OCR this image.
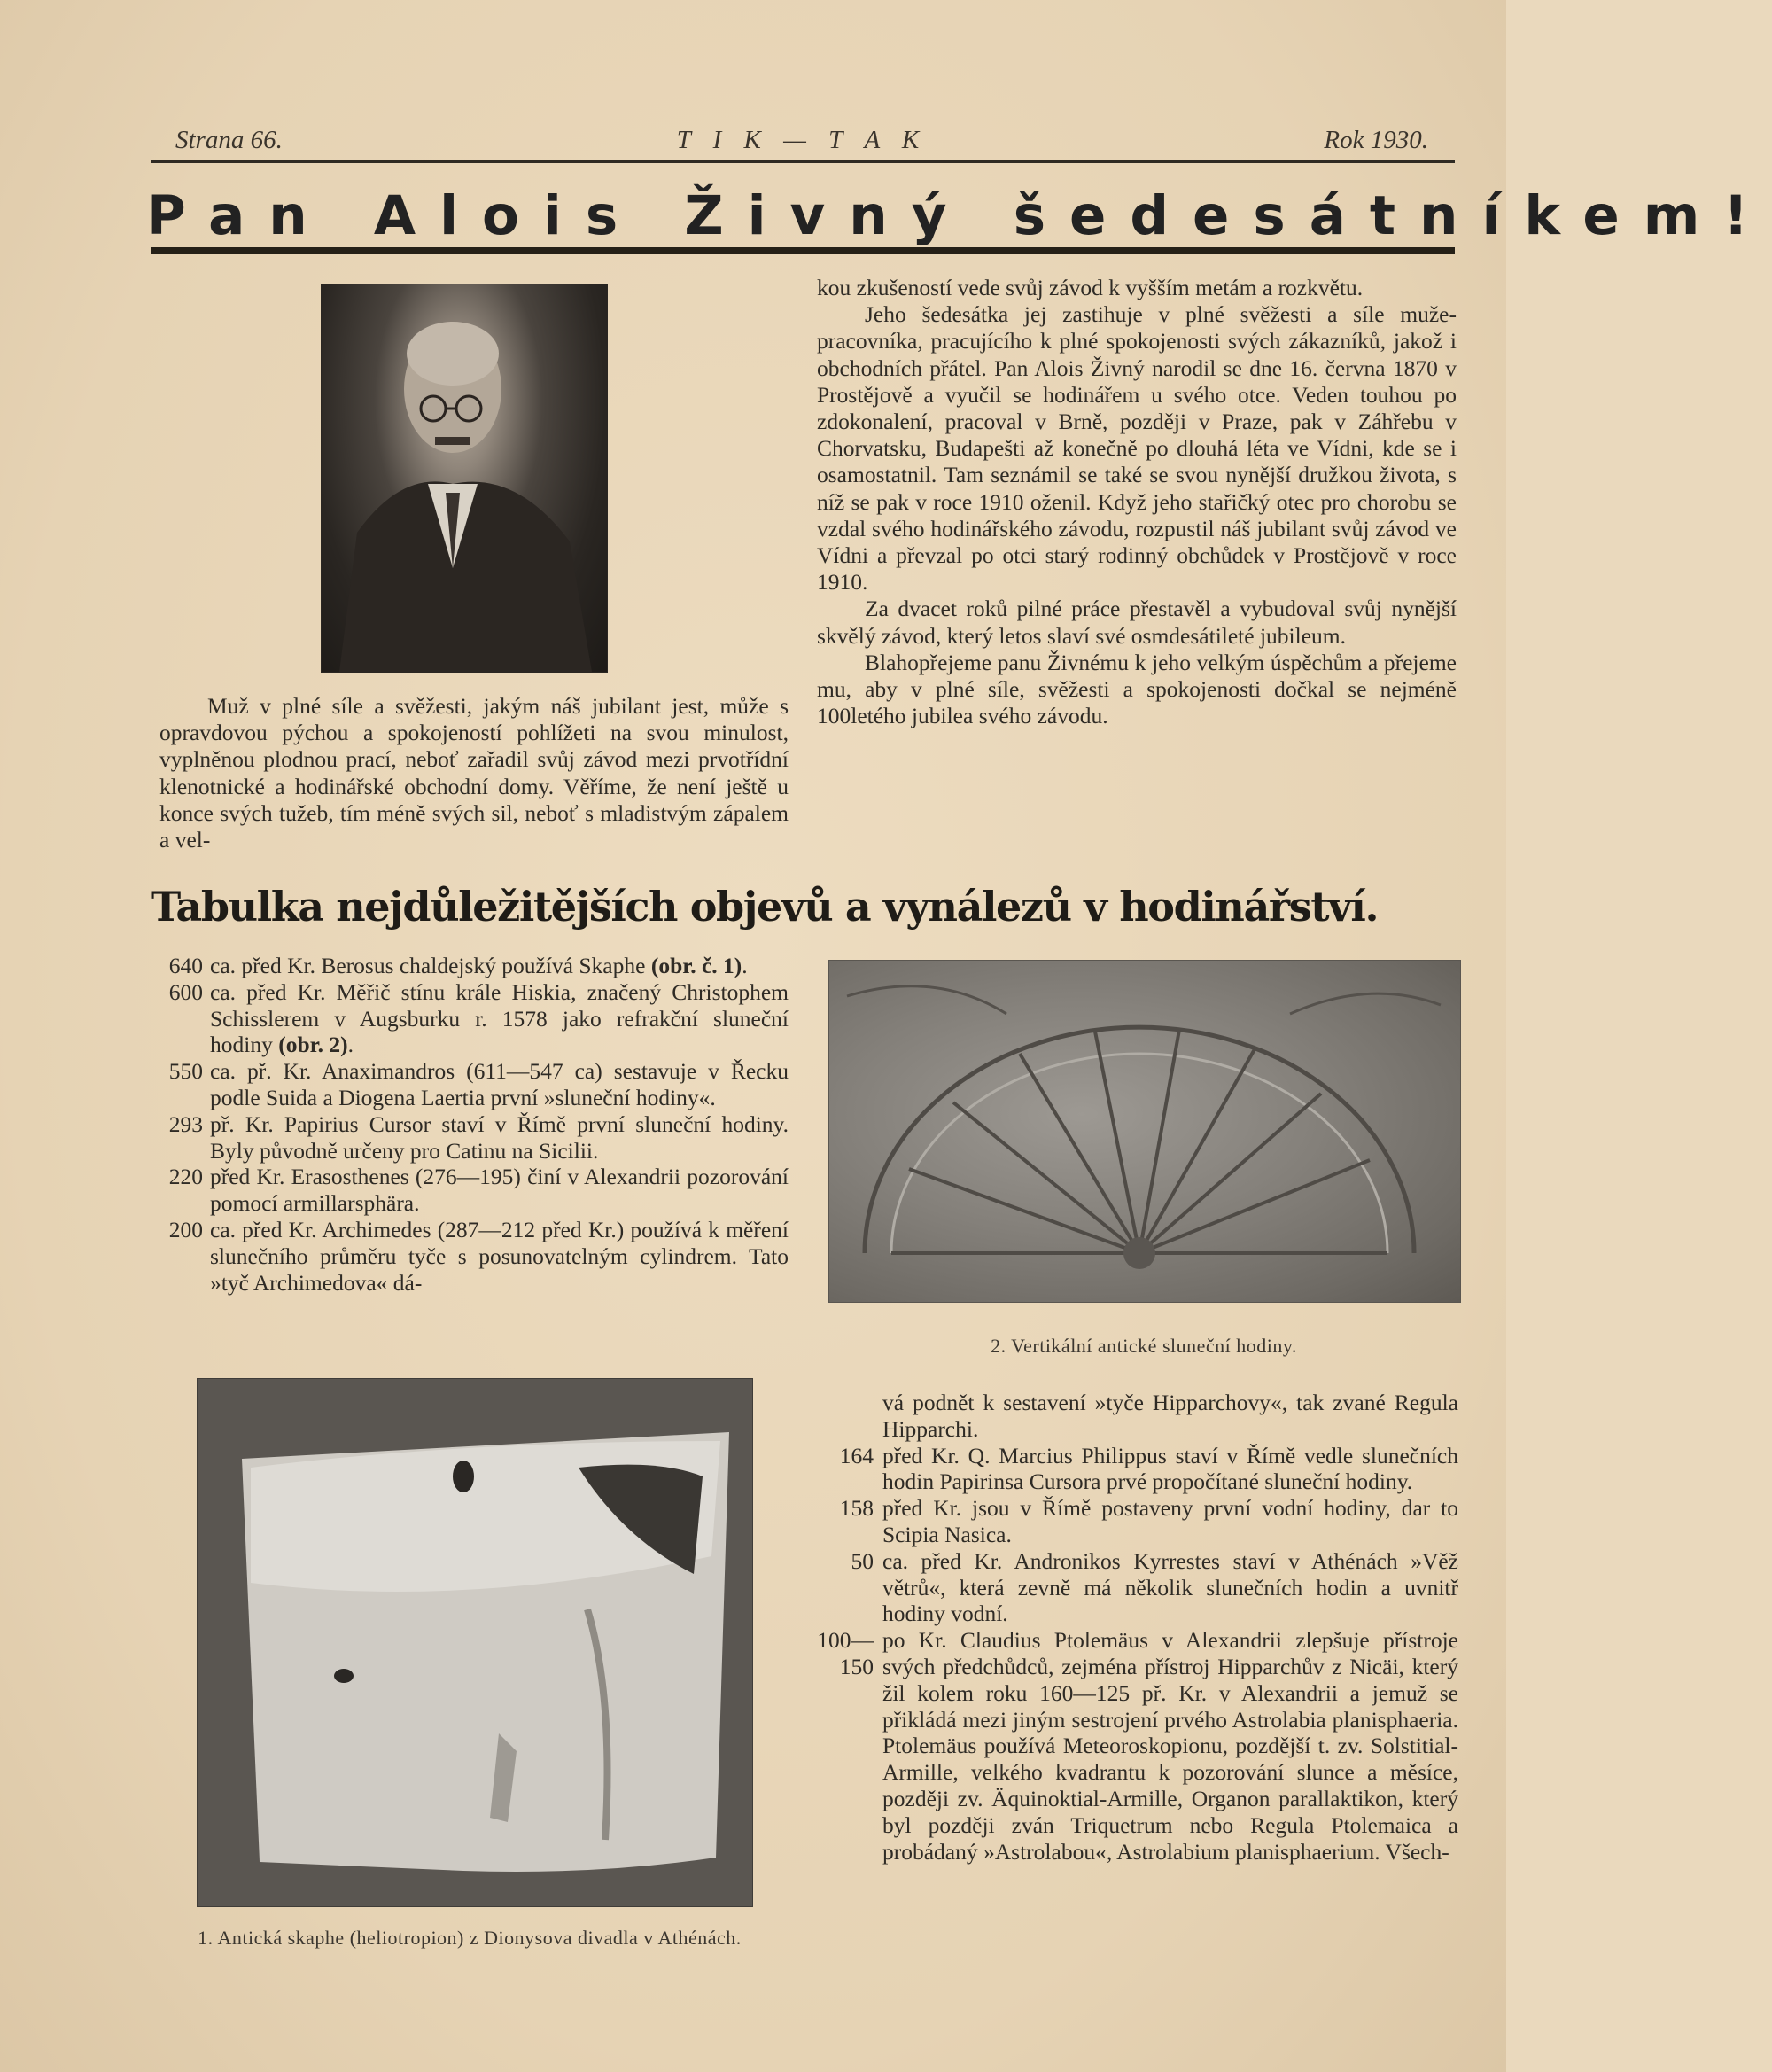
Strana 66.	T I K — T A K	Rok 1930.
Pan Alois Živný šedesátníkem!

Muž v plné síle a svěžesti, jakým náš jubilant jest, může s opravdovou pýchou a spokojeností pohlížeti na svou minulost, vyplněnou plodnou prací, neboť zařadil svůj závod mezi prvotřídní klenotnické a hodinářské obchodní domy. Věříme, že není ještě u konce svých tužeb, tím méně svých sil, neboť s mladistvým zápalem a vel-

kou zkušeností vede svůj závod k vyšším metám a rozkvětu.

Jeho šedesátka jej zastihuje v plné svěžesti a síle muže-pracovníka, pracujícího k plné spokojenosti svých zákazníků, jakož i obchodních přátel. Pan Alois Živný narodil se dne 16. června 1870 v Prostějově a vyučil se hodinářem u svého otce. Veden touhou po zdokonalení, pracoval v Brně, později v Praze, pak v Záhřebu v Chorvatsku, Budapešti až konečně po dlouhá léta ve Vídni, kde se i osamostatnil. Tam seznámil se také se svou nynější družkou života, s níž se pak v roce 1910 oženil. Když jeho stařičký otec pro chorobu se vzdal svého hodinářského závodu, rozpustil náš jubilant svůj závod ve Vídni a převzal po otci starý rodinný obchůdek v Prostějově v roce 1910.

Za dvacet roků pilné práce přestavěl a vybudoval svůj nynější skvělý závod, který letos slaví své osmdesátileté jubileum.

Blahopřejeme panu Živnému k jeho velkým úspěchům a přejeme mu, aby v plné síle, svěžesti a spokojenosti dočkal se nejméně 100letého jubilea svého závodu.

Tabulka nejdůležitějších objevů a vynálezů v hodinářství.
640 ca. před Kr. Berosus chaldejský používá Skaphe (obr. č. 1).
600 ca. před Kr. Měřič stínu krále Hiskia, značený Christophem Schisslerem v Augsburku r. 1578 jako refrakční sluneční hodiny (obr. 2).
550 ca. př. Kr. Anaximandros (611—547 ca) sestavuje v Řecku podle Suida a Diogena Laertia první »sluneční hodiny«.
293 př. Kr. Papirius Cursor staví v Římě první sluneční hodiny. Byly původně určeny pro Catinu na Sicilii.
220 před Kr. Erasosthenes (276—195) činí v Alexandrii pozorování pomocí armillarsphära.
200 ca. před Kr. Archimedes (287—212 před Kr.) používá k měření slunečního průměru tyče s posunovatelným cylindrem. Tato »tyč Archimedova« dá-
2. Vertikální antické sluneční hodiny.
1. Antická skaphe (heliotropion) z Dionysova divadla v Athénách.
vá podnět k sestavení »tyče Hipparchovy«, tak zvané Regula Hipparchi.
164 před Kr. Q. Marcius Philippus staví v Římě vedle slunečních hodin Papirinsa Cursora prvé propočítané sluneční hodiny.
158 před Kr. jsou v Římě postaveny první vodní hodiny, dar to Scipia Nasica.
50 ca. před Kr. Andronikos Kyrrestes staví v Athénách »Věž větrů«, která zevně má několik slunečních hodin a uvnitř hodiny vodní.
100—150
po Kr. Claudius Ptolemäus v Alexandrii zlepšuje přístroje svých předchůdců, zejména přístroj Hipparchův z Nicäi, který žil kolem roku 160—125 př. Kr. v Alexandrii a jemuž se přikládá mezi jiným sestrojení prvého Astrolabia planisphaeria. Ptolemäus používá Meteoroskopionu, pozdější t. zv. Solstitial-Armille, velkého kvadrantu k pozorování slunce a měsíce, později zv. Äquinoktial-Armille, Organon parallaktikon, který byl později zván Triquetrum nebo Regula Ptolemaica a probádaný »Astrolabou«, Astrolabium planisphaerium. Všech-
